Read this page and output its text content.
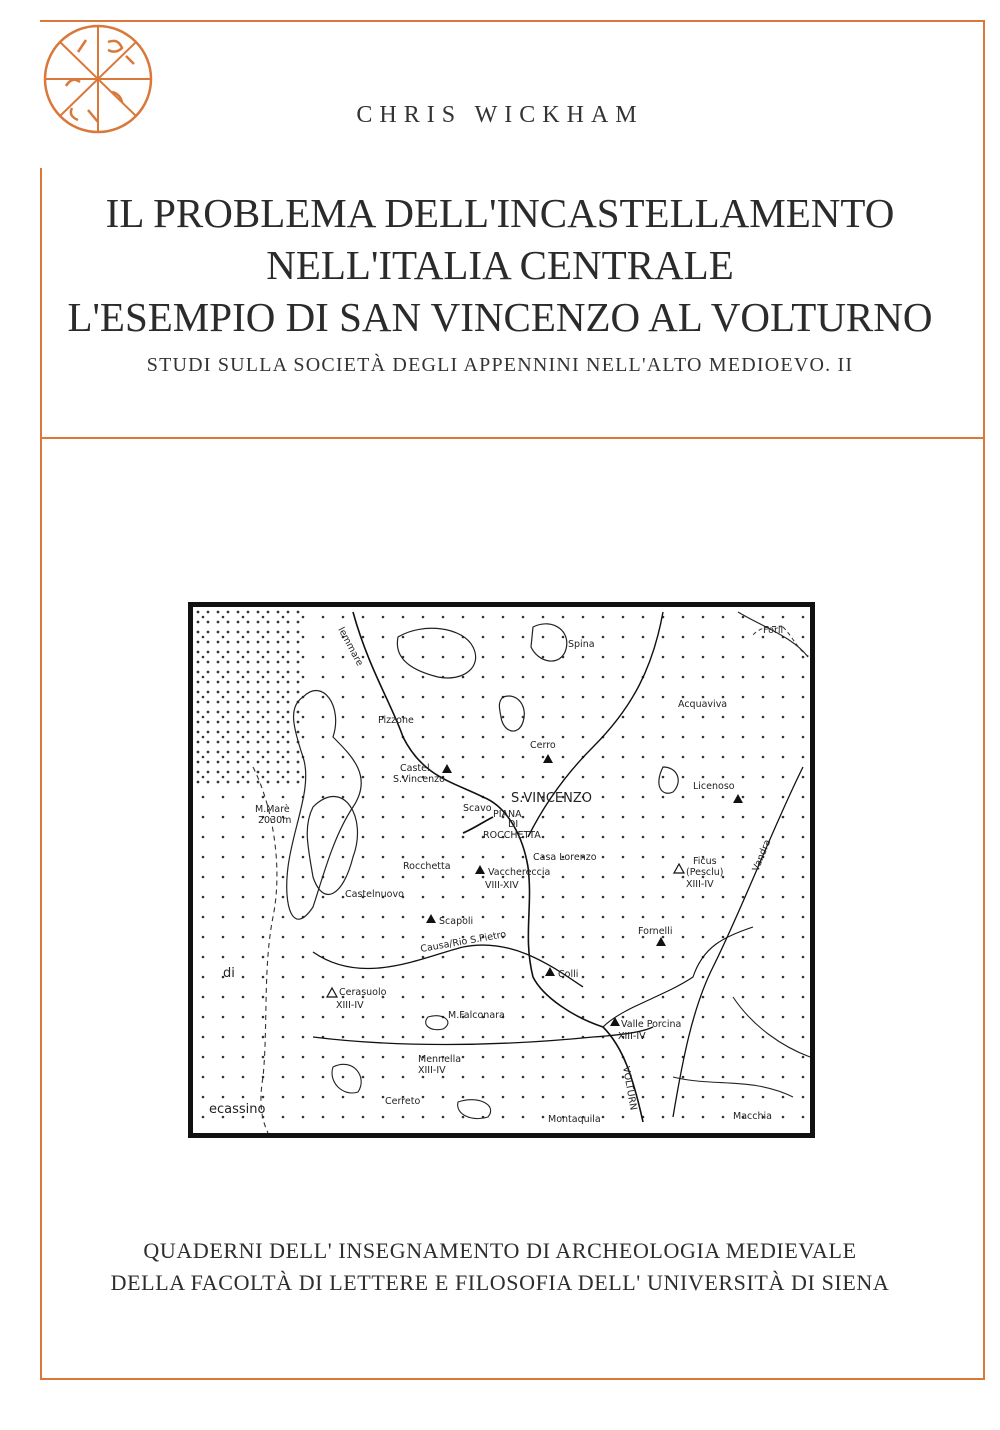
CHRIS WICKHAM
IL PROBLEMA DELL'INCASTELLAMENTO
NELL'ITALIA CENTRALE
L'ESEMPIO DI SAN VINCENZO AL VOLTURNO
STUDI SULLA SOCIETÀ DEGLI APPENNINI NELL'ALTO MEDIOEVO. II
Forlì
Spina
Iemmare
Acquaviva
Pizzone
Cerro
Castel
S.Vincenzo
Licenoso
M.Marè
2030m
Scavo
S.VINCENZO
PIANA
DI
ROCCHETTA
Vandra
Casa Lorenzo
Rocchetta
Vacchereccia
VIII-XIV
Ficus
(Pesclu)
XIII-IV
Castelnuovo
Scapoli
Fornelli
di
Causa/Rio S.Pietro
Colli
Cerasuolo
XIII-IV
M.Falconara
Valle Porcina
XIII-IV
Mennella
XIII-IV	VOLTURN
ecassino
Cerreto
Montaquila	Macchia
QUADERNI DELL' INSEGNAMENTO DI ARCHEOLOGIA MEDIEVALE
DELLA FACOLTÀ DI LETTERE E FILOSOFIA DELL' UNIVERSITÀ DI SIENA
